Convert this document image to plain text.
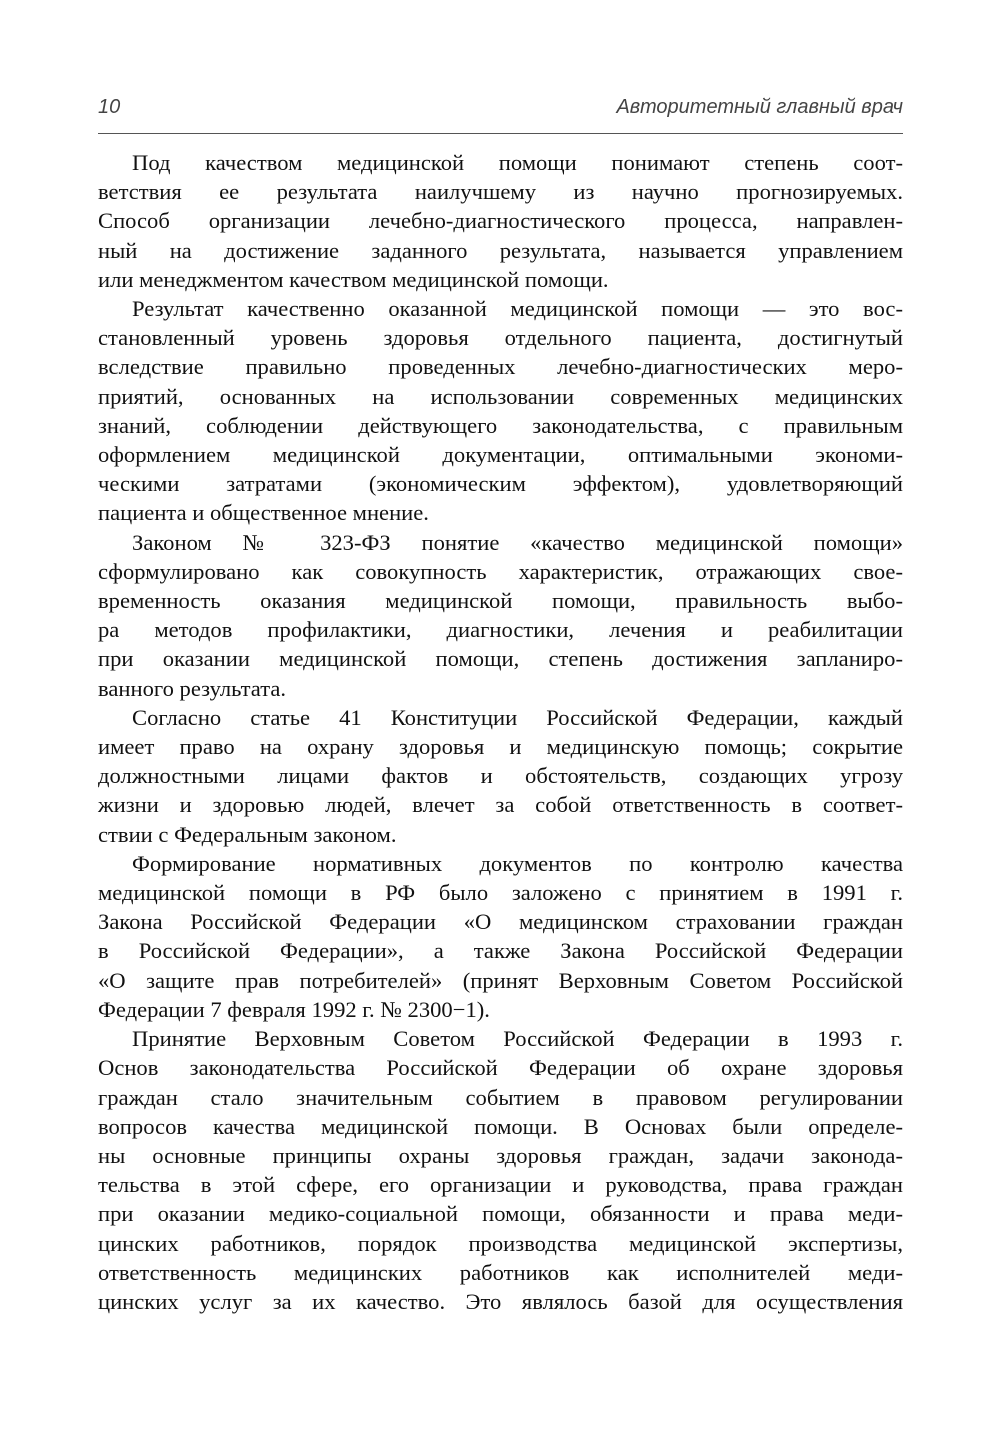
10	Авторитетный главный врач
Под качеством медицинской помощи понимают степень соот-
ветствия ее результата наилучшему из научно прогнозируемых.
Способ организации лечебно-диагностического процесса, направлен-
ный на достижение заданного результата, называется управлением
или менеджментом качеством медицинской помощи.
Результат качественно оказанной медицинской помощи — это вос-
становленный уровень здоровья отдельного пациента, достигнутый
вследствие правильно проведенных лечебно-диагностических меро-
приятий, основанных на использовании современных медицинских
знаний, соблюдении действующего законодательства, с правильным
оформлением медицинской документации, оптимальными экономи-
ческими затратами (экономическим эффектом), удовлетворяющий
пациента и общественное мнение.
Законом № 323-ФЗ понятие «качество медицинской помощи»
сформулировано как совокупность характеристик, отражающих свое-
временность оказания медицинской помощи, правильность выбо-
ра методов профилактики, диагностики, лечения и реабилитации
при оказании медицинской помощи, степень достижения запланиро-
ванного результата.
Согласно статье 41 Конституции Российской Федерации, каждый
имеет право на охрану здоровья и медицинскую помощь; сокрытие
должностными лицами фактов и обстоятельств, создающих угрозу
жизни и здоровью людей, влечет за собой ответственность в соответ-
ствии с Федеральным законом.
Формирование нормативных документов по контролю качества
медицинской помощи в РФ было заложено с принятием в 1991 г.
Закона Российской Федерации «О медицинском страховании граждан
в Российской Федерации», а также Закона Российской Федерации
«О защите прав потребителей» (принят Верховным Советом Российской
Федерации 7 февраля 1992 г. № 2300−1).
Принятие Верховным Советом Российской Федерации в 1993 г.
Основ законодательства Российской Федерации об охране здоровья
граждан стало значительным событием в правовом регулировании
вопросов качества медицинской помощи. В Основах были определе-
ны основные принципы охраны здоровья граждан, задачи законода-
тельства в этой сфере, его организации и руководства, права граждан
при оказании медико-социальной помощи, обязанности и права меди-
цинских работников, порядок производства медицинской экспертизы,
ответственность медицинских работников как исполнителей меди-
цинских услуг за их качество. Это являлось базой для осуществления
